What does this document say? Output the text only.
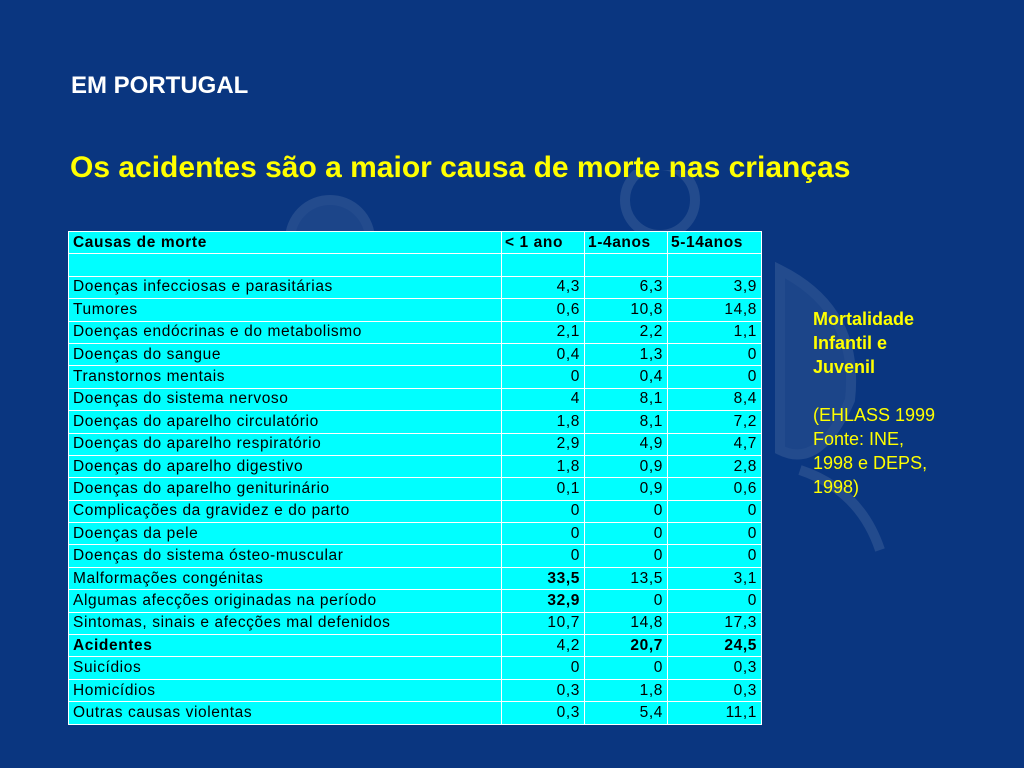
EM PORTUGAL
Os acidentes são a maior causa de morte nas crianças
Causas de morte	< 1 ano	1-4anos	5-14anos

Doenças infecciosas e parasitárias	4,3	6,3	3,9
Tumores	0,6	10,8	14,8
Doenças endócrinas e do metabolismo	2,1	2,2	1,1
Doenças do sangue	0,4	1,3	0
Transtornos mentais	0	0,4	0
Doenças do sistema nervoso	4	8,1	8,4
Doenças do aparelho circulatório	1,8	8,1	7,2
Doenças do aparelho respiratório	2,9	4,9	4,7
Doenças do aparelho digestivo	1,8	0,9	2,8
Doenças do aparelho geniturinário	0,1	0,9	0,6
Complicações da gravidez e do parto	0	0	0
Doenças da pele	0	0	0
Doenças do sistema ósteo-muscular	0	0	0
Malformações congénitas	33,5	13,5	3,1
Algumas afecções originadas na período	32,9	0	0
Sintomas, sinais e afecções mal defenidos	10,7	14,8	17,3
Acidentes	4,2	20,7	24,5
Suicídios	0	0	0,3
Homicídios	0,3	1,8	0,3
Outras causas violentas	0,3	5,4	11,1
Mortalidade
Infantil e
Juvenil
(EHLASS 1999
Fonte: INE,
1998 e DEPS,
1998)
